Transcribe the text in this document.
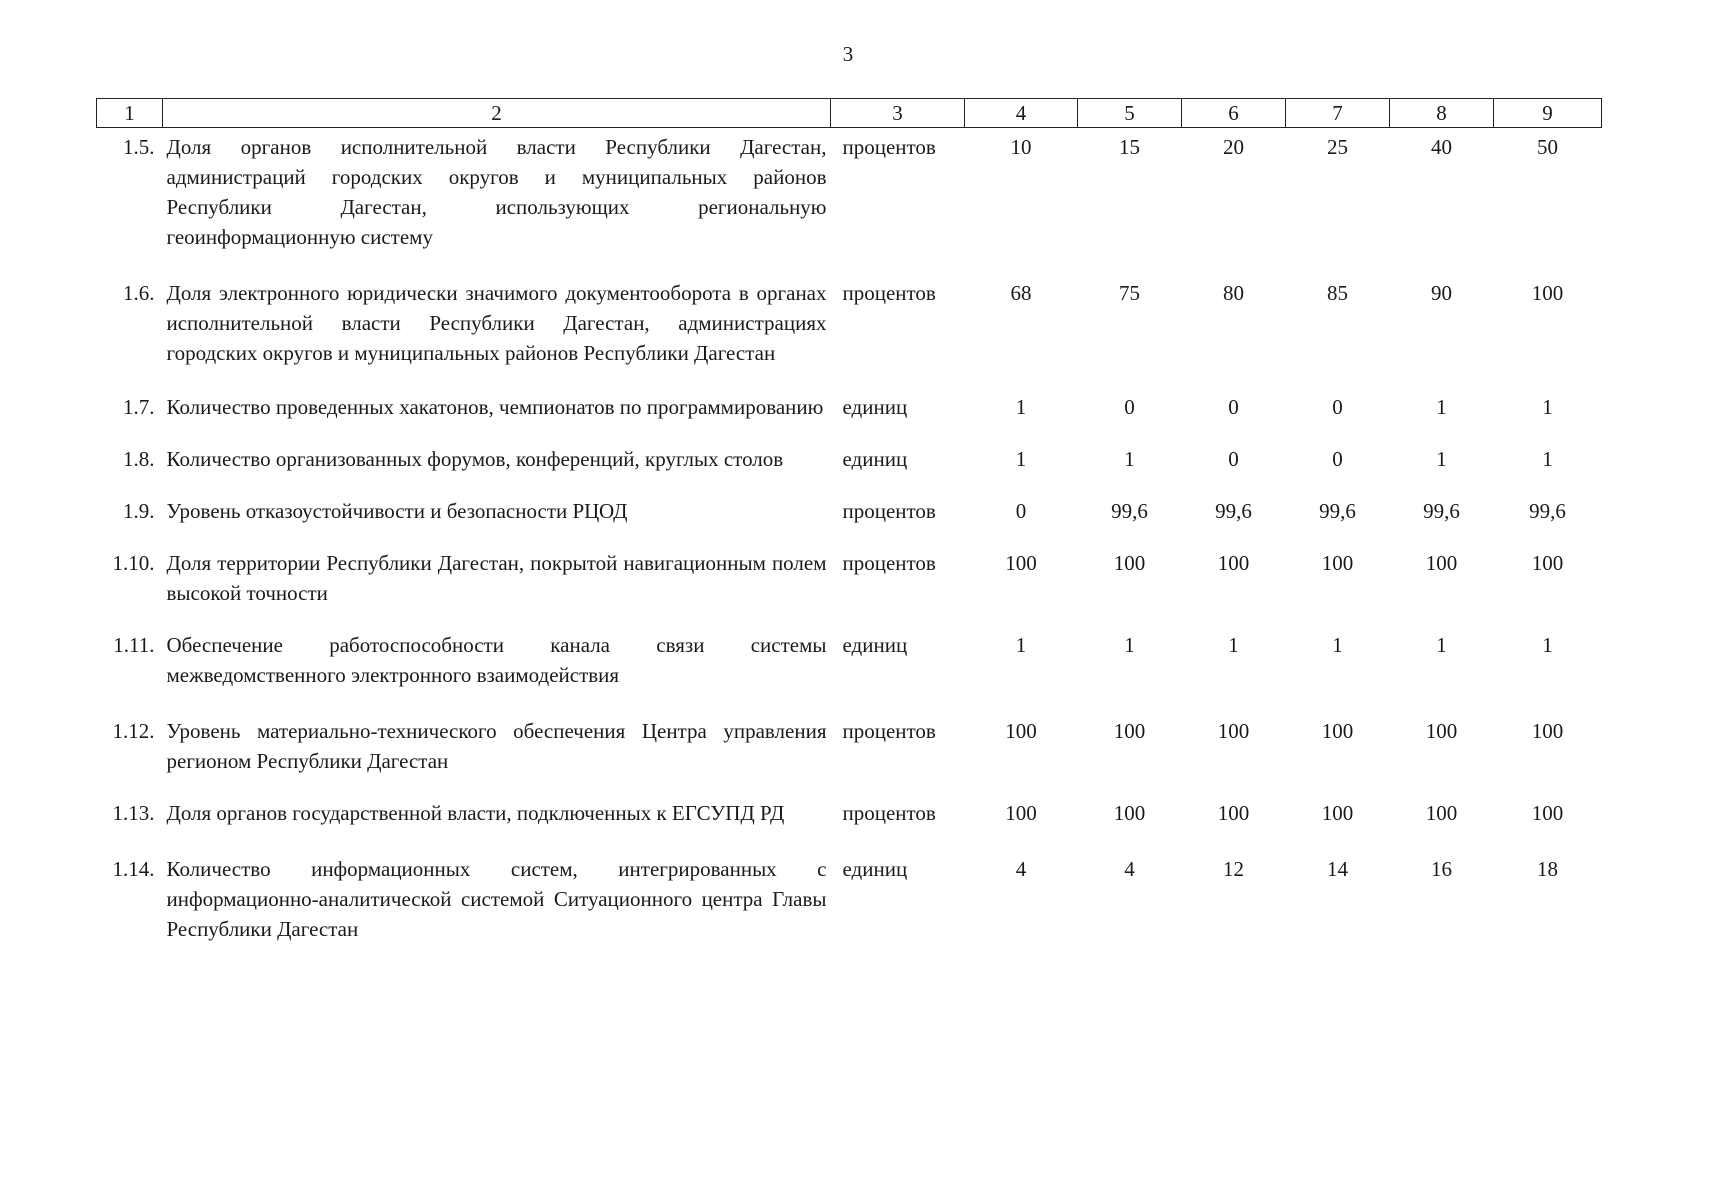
3
1	2	3	4	5	6	7	8	9
1.5.	Доля органов исполнительной власти Республики Дагестан, администраций городских округов и муниципальных районов Республики Дагестан, использующих региональную геоинформационную систему	процентов	10	15	20	25	40	50

1.6.	Доля электронного юридически значимого документооборота в органах исполнительной власти Республики Дагестан, администрациях городских округов и муниципальных районов Республики Дагестан	процентов	68	75	80	85	90	100

1.7.	Количество проведенных хакатонов, чемпионатов по программированию	единиц	1	0	0	0	1	1

1.8.	Количество организованных форумов, конференций, круглых столов	единиц	1	1	0	0	1	1

1.9.	Уровень отказоустойчивости и безопасности РЦОД	процентов	0	99,6	99,6	99,6	99,6	99,6

1.10.	Доля территории Республики Дагестан, покрытой навигационным полем высокой точности	процентов	100	100	100	100	100	100

1.11.	Обеспечение работоспособности канала связи системы межведомственного электронного взаимодействия	единиц	1	1	1	1	1	1

1.12.	Уровень материально-технического обеспечения Центра управления регионом Республики Дагестан	процентов	100	100	100	100	100	100

1.13.	Доля органов государственной власти, подключенных к ЕГСУПД РД	процентов	100	100	100	100	100	100

1.14.	Количество информационных систем, интегрированных с информационно-аналитической системой Ситуационного центра Главы Республики Дагестан	единиц	4	4	12	14	16	18
